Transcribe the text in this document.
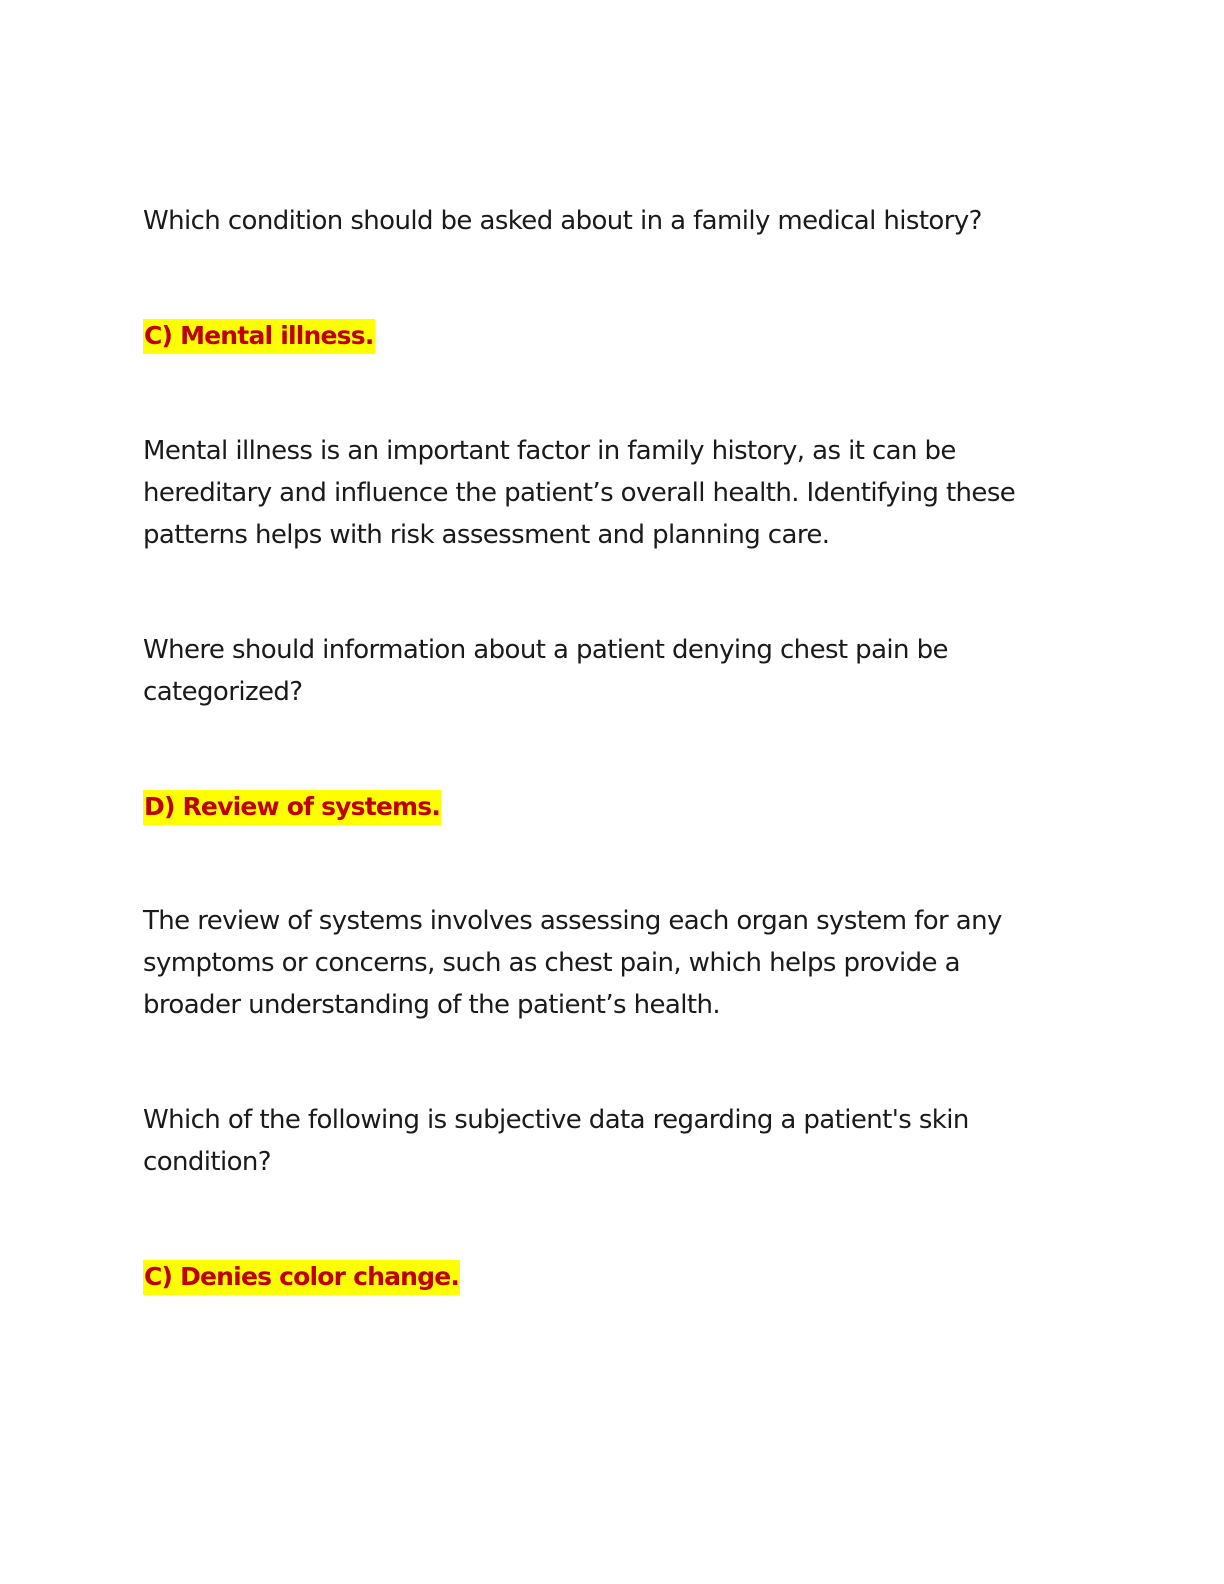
Which condition should be asked about in a family medical history?
C) Mental illness.
Mental illness is an important factor in family history, as it can be
hereditary and influence the patient’s overall health. Identifying these
patterns helps with risk assessment and planning care.
Where should information about a patient denying chest pain be
categorized?
D) Review of systems.
The review of systems involves assessing each organ system for any
symptoms or concerns, such as chest pain, which helps provide a
broader understanding of the patient’s health.
Which of the following is subjective data regarding a patient's skin
condition?
C) Denies color change.
